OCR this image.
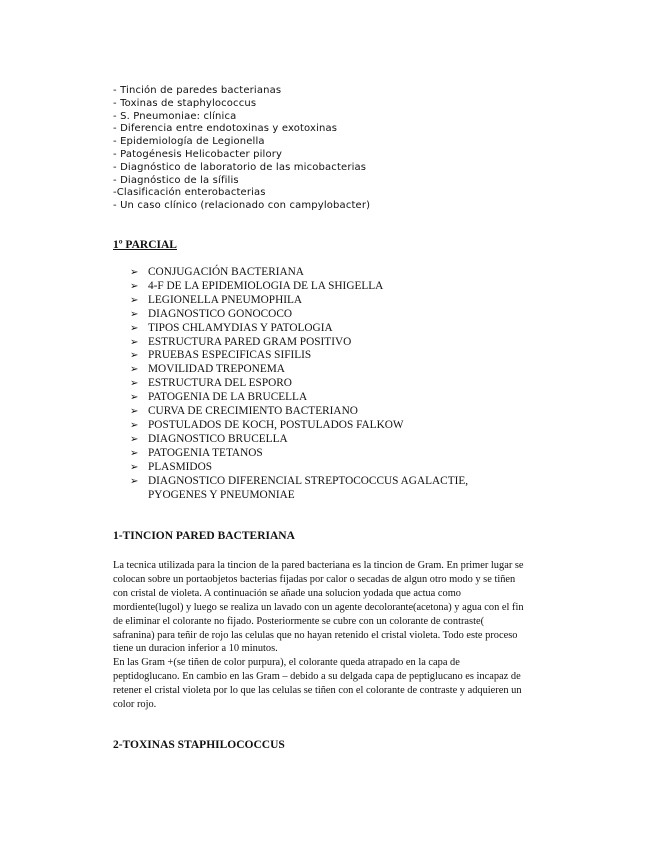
- Tinción de paredes bacterianas
- Toxinas de staphylococcus
- S. Pneumoniae: clínica
- Diferencia entre endotoxinas y exotoxinas
- Epidemiología de Legionella
- Patogénesis Helicobacter pilory
- Diagnóstico de laboratorio de las micobacterias
- Diagnóstico de la sífilis
-Clasificación enterobacterias
- Un caso clínico (relacionado con campylobacter)
1º PARCIAL
➢ CONJUGACIÓN BACTERIANA
➢ 4-F DE LA EPIDEMIOLOGIA DE LA SHIGELLA
➢ LEGIONELLA PNEUMOPHILA
➢ DIAGNOSTICO GONOCOCO
➢ TIPOS CHLAMYDIAS Y PATOLOGIA
➢ ESTRUCTURA PARED GRAM POSITIVO
➢ PRUEBAS ESPECIFICAS SIFILIS
➢ MOVILIDAD TREPONEMA
➢ ESTRUCTURA DEL ESPORO
➢ PATOGENIA DE LA BRUCELLA
➢ CURVA DE CRECIMIENTO BACTERIANO
➢ POSTULADOS DE KOCH, POSTULADOS FALKOW
➢ DIAGNOSTICO BRUCELLA
➢ PATOGENIA TETANOS
➢ PLASMIDOS
➢ DIAGNOSTICO DIFERENCIAL STREPTOCOCCUS AGALACTIE, PYOGENES Y PNEUMONIAE
1-TINCION PARED BACTERIANA

La tecnica utilizada para la tincion de la pared bacteriana es la tincion de Gram. En primer lugar se colocan sobre un portaobjetos bacterias fijadas por calor o secadas de algun otro modo y se tiñen con cristal de violeta. A continuación se añade una solucion yodada que actua como mordiente(lugol) y luego se realiza un lavado con un agente decolorante(acetona) y agua con el fin de eliminar el colorante no fijado. Posteriormente se cubre con un colorante de contraste( safranina) para teñir de rojo las celulas que no hayan retenido el cristal violeta. Todo este proceso tiene un duracion inferior a 10 minutos.

En las Gram +(se tiñen de color purpura), el colorante queda atrapado en la capa de peptidoglucano. En cambio en las Gram – debido a su delgada capa de peptiglucano es incapaz de retener el cristal violeta por lo que las celulas se tiñen con el colorante de contraste y adquieren un color rojo.

2-TOXINAS STAPHILOCOCCUS
